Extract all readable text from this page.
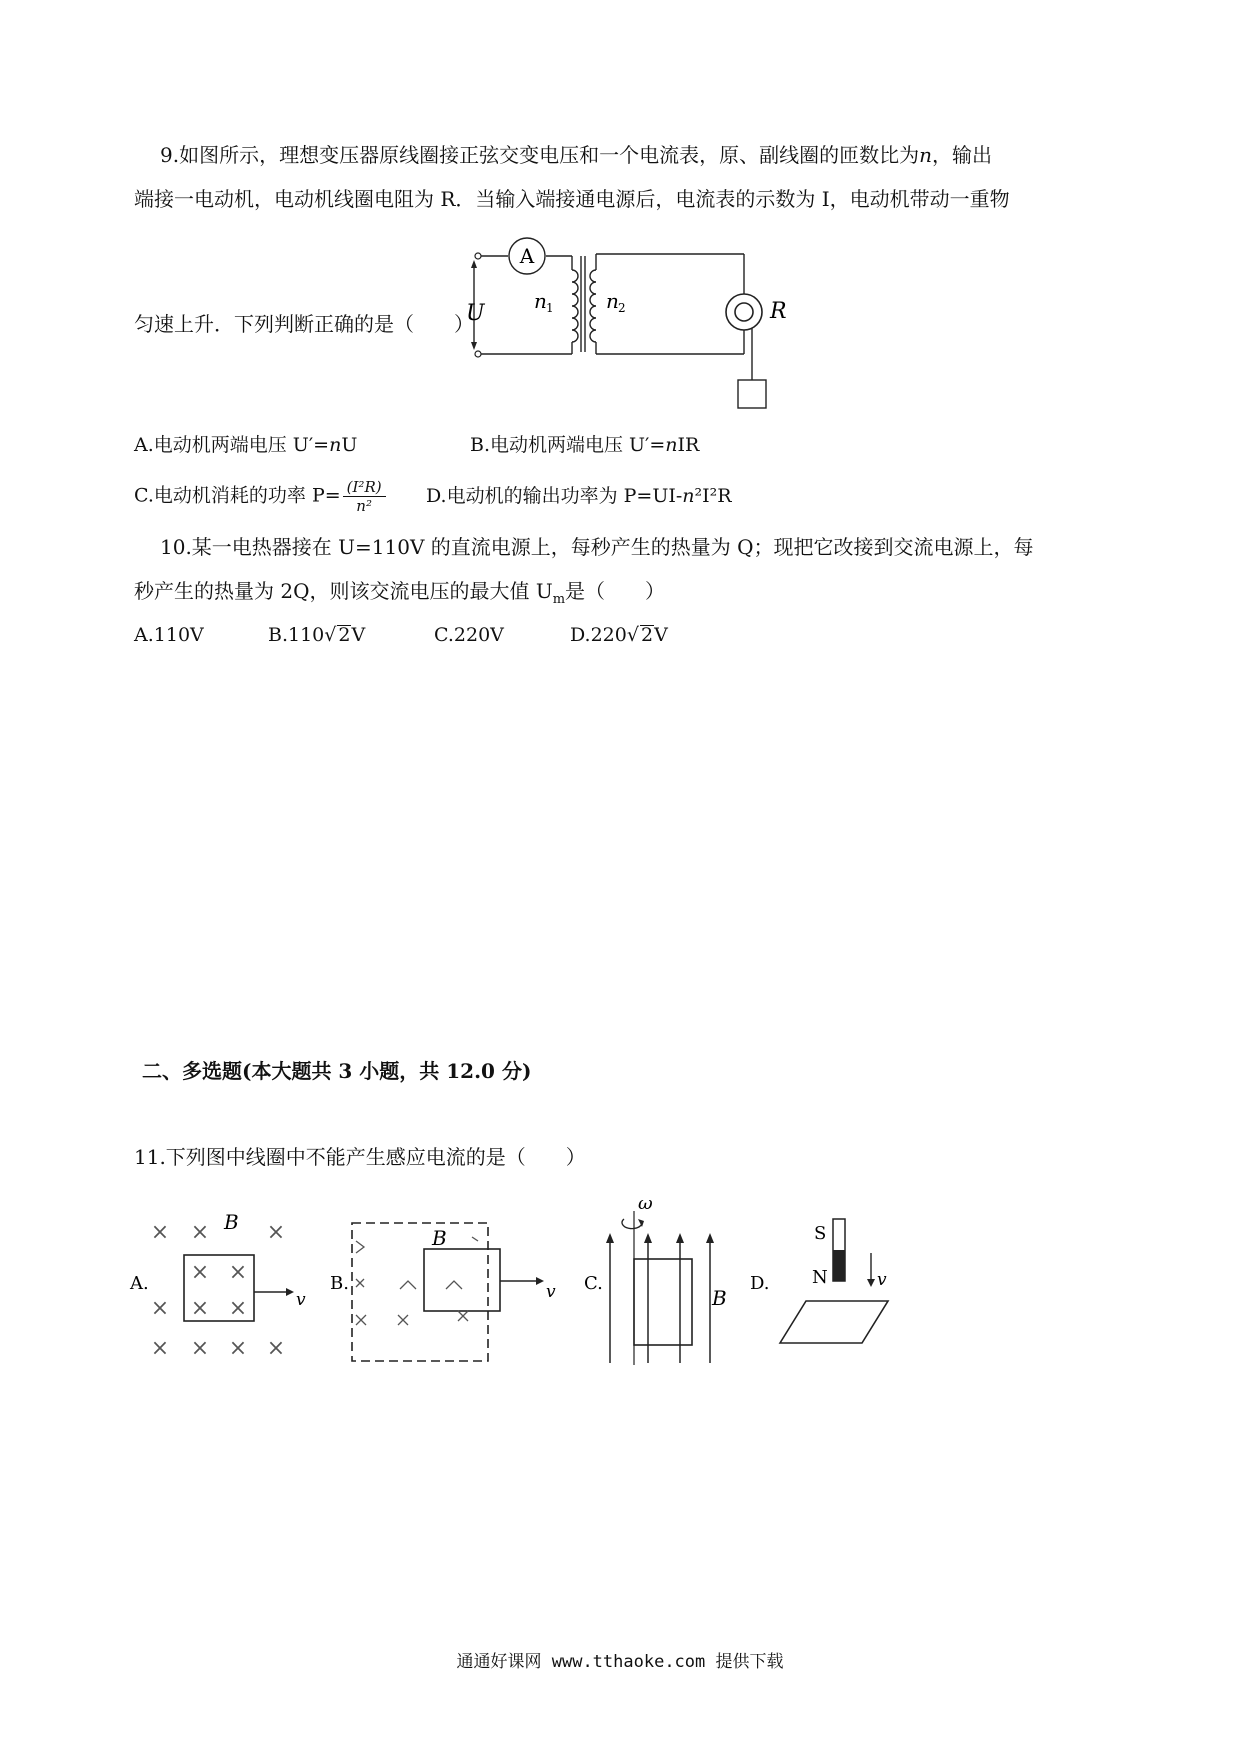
9.如图所示，理想变压器原线圈接正弦交变电压和一个电流表，原、副线圈的匝数比为n，输出
端接一电动机，电动机线圈电阻为 R．当输入端接通电源后，电流表的示数为 I，电动机带动一重物
匀速上升．下列判断正确的是（　　）
A
U n 1	n 2	R
A.电动机两端电压 U′=nU	B.电动机两端电压 U′=nIR
C.电动机消耗的功率 $P= \frac{\text{(I²R)}}{\text{n²}} D$.电动机的输出功率为 P=UI-n²I²R
10.某一电热器接在 U=110V 的直流电源上，每秒产生的热量为 Q；现把它改接到交流电源上，每
秒产生的热量为 2Q，则该交流电压的最大值 $U_m$是（　　）
A.110V	B.110√ 2V	C.220V	D.220√ 2V
二、多选题(本大题共 3 小题，共 12.0 分)
11.下列图中线圈中不能产生感应电流的是（　　）
A.
× ×	×
×
× × × ×
× ×
× ×
B
v
B.
B
v C.
ω
B
D.
S
N	v
通通好课网 www.tthaoke.com 提供下载
